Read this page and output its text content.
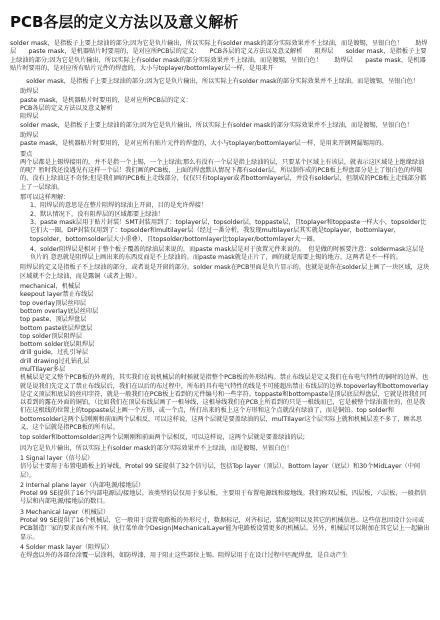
PCB各层的定义方法以及意义解析

solder mask，是指板子上要上绿油的部分;因为它是负片输出，所以实际上有solder mask的部分实际效果并不上绿油，而是镀锡，呈银白色！　　助焊层　　paste mask，是机器贴片时要用的，是对应所PCB层的定义：　　PCB各层的定义方法以及意义解析　　阻焊层　　solder mask，是指板子上要上绿油的部分;因为它是负片输出，所以实际上有solder mask的部分实际效果并不上绿油，而是镀锡，呈银白色！　　助焊层　　paste mask，是机器贴片时要用的，是对应所有贴片元件的焊盘的，大小与toplayer/bottomlayer层一样，是用来开

　solder mask，是指板子上要上绿油的部分;因为它是负片输出，所以实际上有solder mask的部分实际效果并不上绿油，而是镀锡，呈银白色！

助焊层

paste mask，是机器贴片时要用的，是对应所PCB层的定义：

PCB各层的定义方法以及意义解析

阻焊层

solder mask，是指板子上要上绿油的部分;因为它是负片输出，所以实际上有solder mask的部分实际效果并不上绿油，而是镀锡，呈银白色！

助焊层

paste mask，是机器贴片时要用的，是对应所有贴片元件的焊盘的，大小与toplayer/bottomlayer层一样，是用来开钢网漏锡用的。

要点

两个层都是上锡焊接用的，并不是指一个上锡，一个上绿油;那么有没有一个层是指上绿油的层，只要某个区域上有该层，就表示这区域是上绝缘绿油的呢？暂时我还没遇见有这样一个层！我们画的PCB板，上面的焊盘默认情况下都有solder层，所以制作成的PCB板上焊盘部分是上了银白色的焊锡的，没有上绿油这不奇怪;但是我们画的PCB板上走线部分，仅仅只有toplayer或者bottomlayer层，并没有solder层，但制成的PCB板上走线部分都上了一层绿油。

那可以这样理解：

1、阻焊层的意思是在整片阻焊的绿油上开窗，目的是允许焊接！

2、默认情况下，没有阻焊层的区域都要上绿油！

3、paste mask层用于贴片封装！SMT封装用到了：toplayer层，topsolder层，toppaste层，且toplayer和toppaste一样大小，topsolder比它们大一圈。DIP封装仅用到了：topsolder和multilayer层（经过一番分析，我发现multilayer层其实就是toplayer，bottomlayer，topsolder，bottomsolder层大小重叠），且topsolder/bottomlayer比toplayer/bottomlayer大一圈。

4、solder阻焊层是相对于整个板子覆盖的绿油层来说的，而paste mask层是对于放置元件来说的。　但是做的时候要注意：soldermask这层是负片的 意思就是阻焊层上画出来的东西反而是不上绿油的。而paste mask就是正片了，画的就是需要上锡的地方，这两者是不一样的。

阻焊层的定义是指板子不上绿油的部分，或者说是开窗的部分。solder mask在PCB里面是负片显示的，也就是说你在solder层上画了一块区域，这块区域就不会上绿油，而是露铜（或者上锡）。

mechanical，机械层

keepout layer禁止布线层

top overlay顶层丝印层

bottom overlay底层丝印层

top paste，顶层焊盘层

bottom paste底层焊盘层

top solder顶层阻焊层

bottom solder底层阻焊层

drill guide，过孔引导层

drill drawing过孔钻孔层

mulTIlayer多层

机械层是定义整个PCB板的外观的，其实我们在说机械层的时候就是指整个PCB板的外形结构。禁止布线层是定义我们在布电气特性的铜时的边界，也就是说我们先定义了禁止布线层后，我们在以后的布过程中，所布的具有电气特性的线是不可能超出禁止布线层的边界.topoverlay和bottomoverlay是定义顶层和底层的丝印字符，就是一般我们在PCB板上看到的元件编号和一些字符。toppaste和bottompaste是顶层底层焊盘层，它就是指我们可以看到的露在外面的铜铂，（比如我们在顶层布线层画了一根导线，这根导线我们在PCB上所看到的只是一根线而已，它是被整个绿油盖住的，但是我们在这根线的位置上的toppaste层上画一个方形，或一个点，所打出来的板上这个方形和这个点就没有绿油了，而是铜铂。top solder和bottomsolder这两个层刚刚和前面两个层相反，可以这样说，这两个层就是要盖绿油的层，mulTIlayer这个层实际上就和机械层差不多了，顾名思义，这个层就是指PCB板的所有层。

top solder和bottomsolder这两个层刚刚和前面两个层相反，可以这样说，这两个层就是要盖绿油的层;

因为它是负片输出，所以实际上有solder mask的部分实际效果并不上绿油，而是镀锡，呈银白色！

1 Signal layer（信号层）

信号层主要用于布置电路板上的导线。Protel 99 SE提供了32个信号层，包括Top layer（顶层），Bottom layer（底层）和30个MidLayer（中间层）。

2 Internal plane layer（内部电源/接地层）

Protel 99 SE提供了16个内部电源层/接地层。该类型的层仅用于多层板，主要用于布置电源线和接地线。我们称双层板，四层板，六层板，一般指信号层和内部电源/接地层的数目。

3 Mechanical layer（机械层）

Protel 99 SE提供了16个机械层，它一般用于设置电路板的外形尺寸，数据标记，对齐标记，装配说明以及其它的机械信息。这些信息因设计公司或PCB制造厂家的要求而有所不同。执行菜单命令Design|MechanicalLayer能为电路板设置更多的机械层。另外，机械层可以附加在其它层上一起输出显示。

4 Solder mask layer（阻焊层）

在焊盘以外的各部位涂覆一层涂料，如防焊漆，用于阻止这些部位上锡。阻焊层用于在设计过程中匹配焊盘，是自动产生
